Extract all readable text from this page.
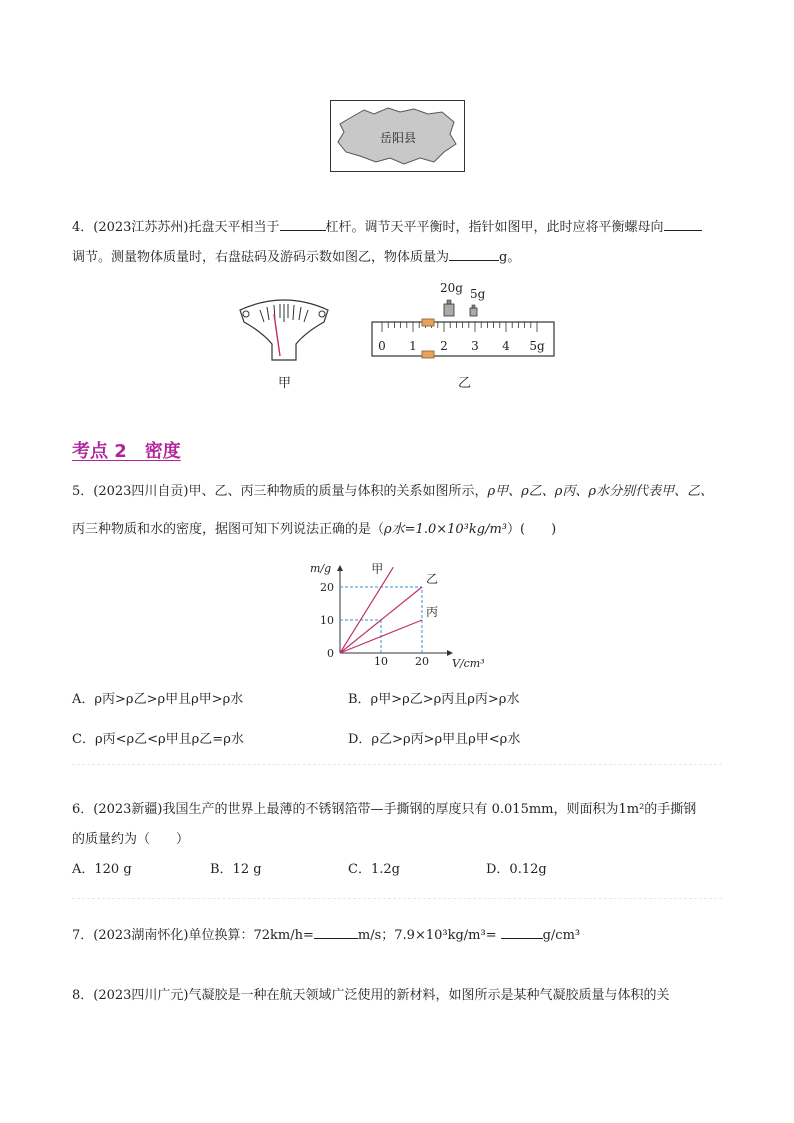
岳阳县
4．(2023江苏苏州)托盘天平相当于	杠杆。调节天平平衡时，指针如图甲，此时应将平衡螺母向
调节。测量物体质量时，右盘砝码及游码示数如图乙，物体质量为	g。
甲
20g 5g
0 1 2 3 4 5g
乙
考点 2　密度
5．(2023四川自贡)甲、乙、丙三种物质的质量与体积的关系如图所示，ρ甲、ρ乙、ρ丙、ρ水分别代表甲、乙、
丙三种物质和水的密度，据图可知下列说法正确的是（ρ水=1.0×10³kg/m³）(　　)
甲
乙
丙
10 20
0
10
20
m/g
V/cm³
A．ρ丙>ρ乙>ρ甲且ρ甲>ρ水	B．ρ甲>ρ乙>ρ丙且ρ丙>ρ水
C．ρ丙<ρ乙<ρ甲且ρ乙=ρ水	D．ρ乙>ρ丙>ρ甲且ρ甲<ρ水
6．(2023新疆)我国生产的世界上最薄的不锈钢箔带—手撕钢的厚度只有 0.015mm，则面积为1m²的手撕钢
的质量约为（　　）
A．120 g	B．12 g	C．1.2g	D．0.12g
7．(2023湖南怀化)单位换算：72km/h=	m/s；7.9×10³kg/m³=	g/cm³
8．(2023四川广元)气凝胶是一种在航天领域广泛使用的新材料，如图所示是某种气凝胶质量与体积的关
